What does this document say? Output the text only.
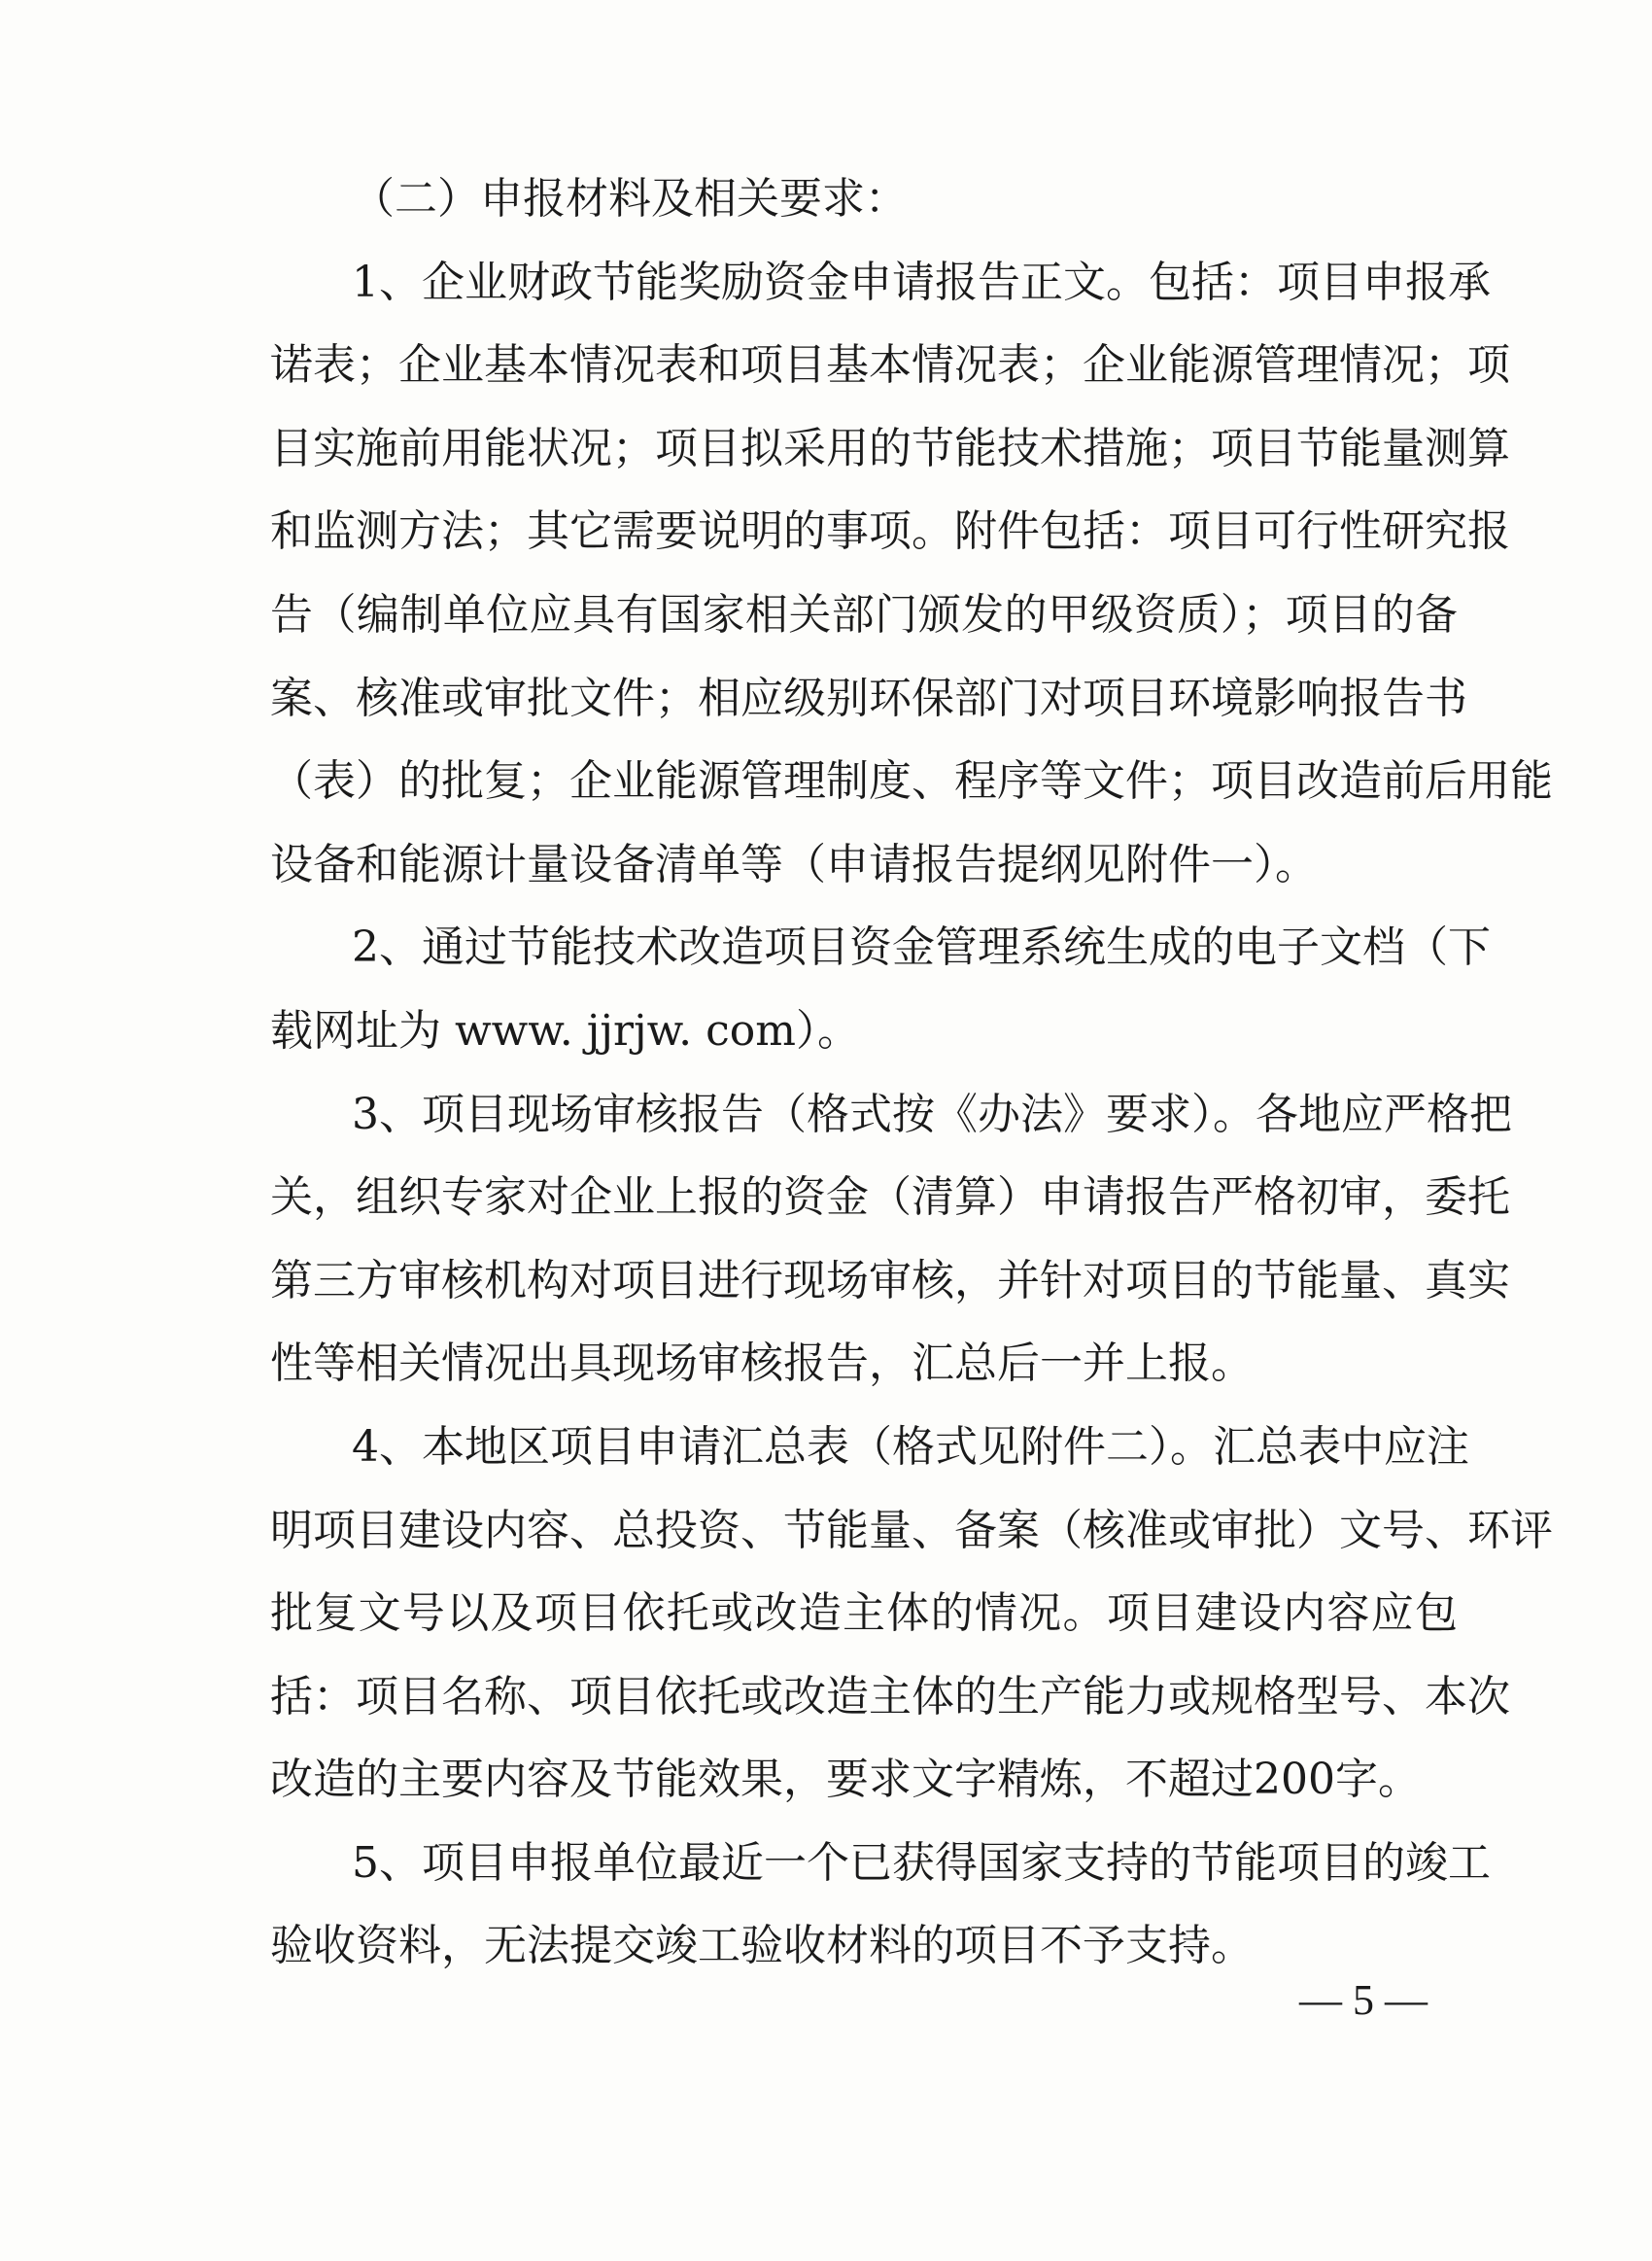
（二）申报材料及相关要求：
1、企业财政节能奖励资金申请报告正文。包括：项目申报承
诺表；企业基本情况表和项目基本情况表；企业能源管理情况；项
目实施前用能状况；项目拟采用的节能技术措施；项目节能量测算
和监测方法；其它需要说明的事项。附件包括：项目可行性研究报
告（编制单位应具有国家相关部门颁发的甲级资质）；项目的备
案、核准或审批文件；相应级别环保部门对项目环境影响报告书
（表）的批复；企业能源管理制度、程序等文件；项目改造前后用能
设备和能源计量设备清单等（申请报告提纲见附件一）。
2、通过节能技术改造项目资金管理系统生成的电子文档（下
载网址为 www. jjrjw. com）。
3、项目现场审核报告（格式按《办法》要求）。各地应严格把
关，组织专家对企业上报的资金（清算）申请报告严格初审，委托
第三方审核机构对项目进行现场审核，并针对项目的节能量、真实
性等相关情况出具现场审核报告，汇总后一并上报。
4、本地区项目申请汇总表（格式见附件二）。汇总表中应注
明项目建设内容、总投资、节能量、备案（核准或审批）文号、环评
批复文号以及项目依托或改造主体的情况。项目建设内容应包
括：项目名称、项目依托或改造主体的生产能力或规格型号、本次
改造的主要内容及节能效果，要求文字精炼，不超过200字。
5、项目申报单位最近一个已获得国家支持的节能项目的竣工
验收资料，无法提交竣工验收材料的项目不予支持。
— 5 —
